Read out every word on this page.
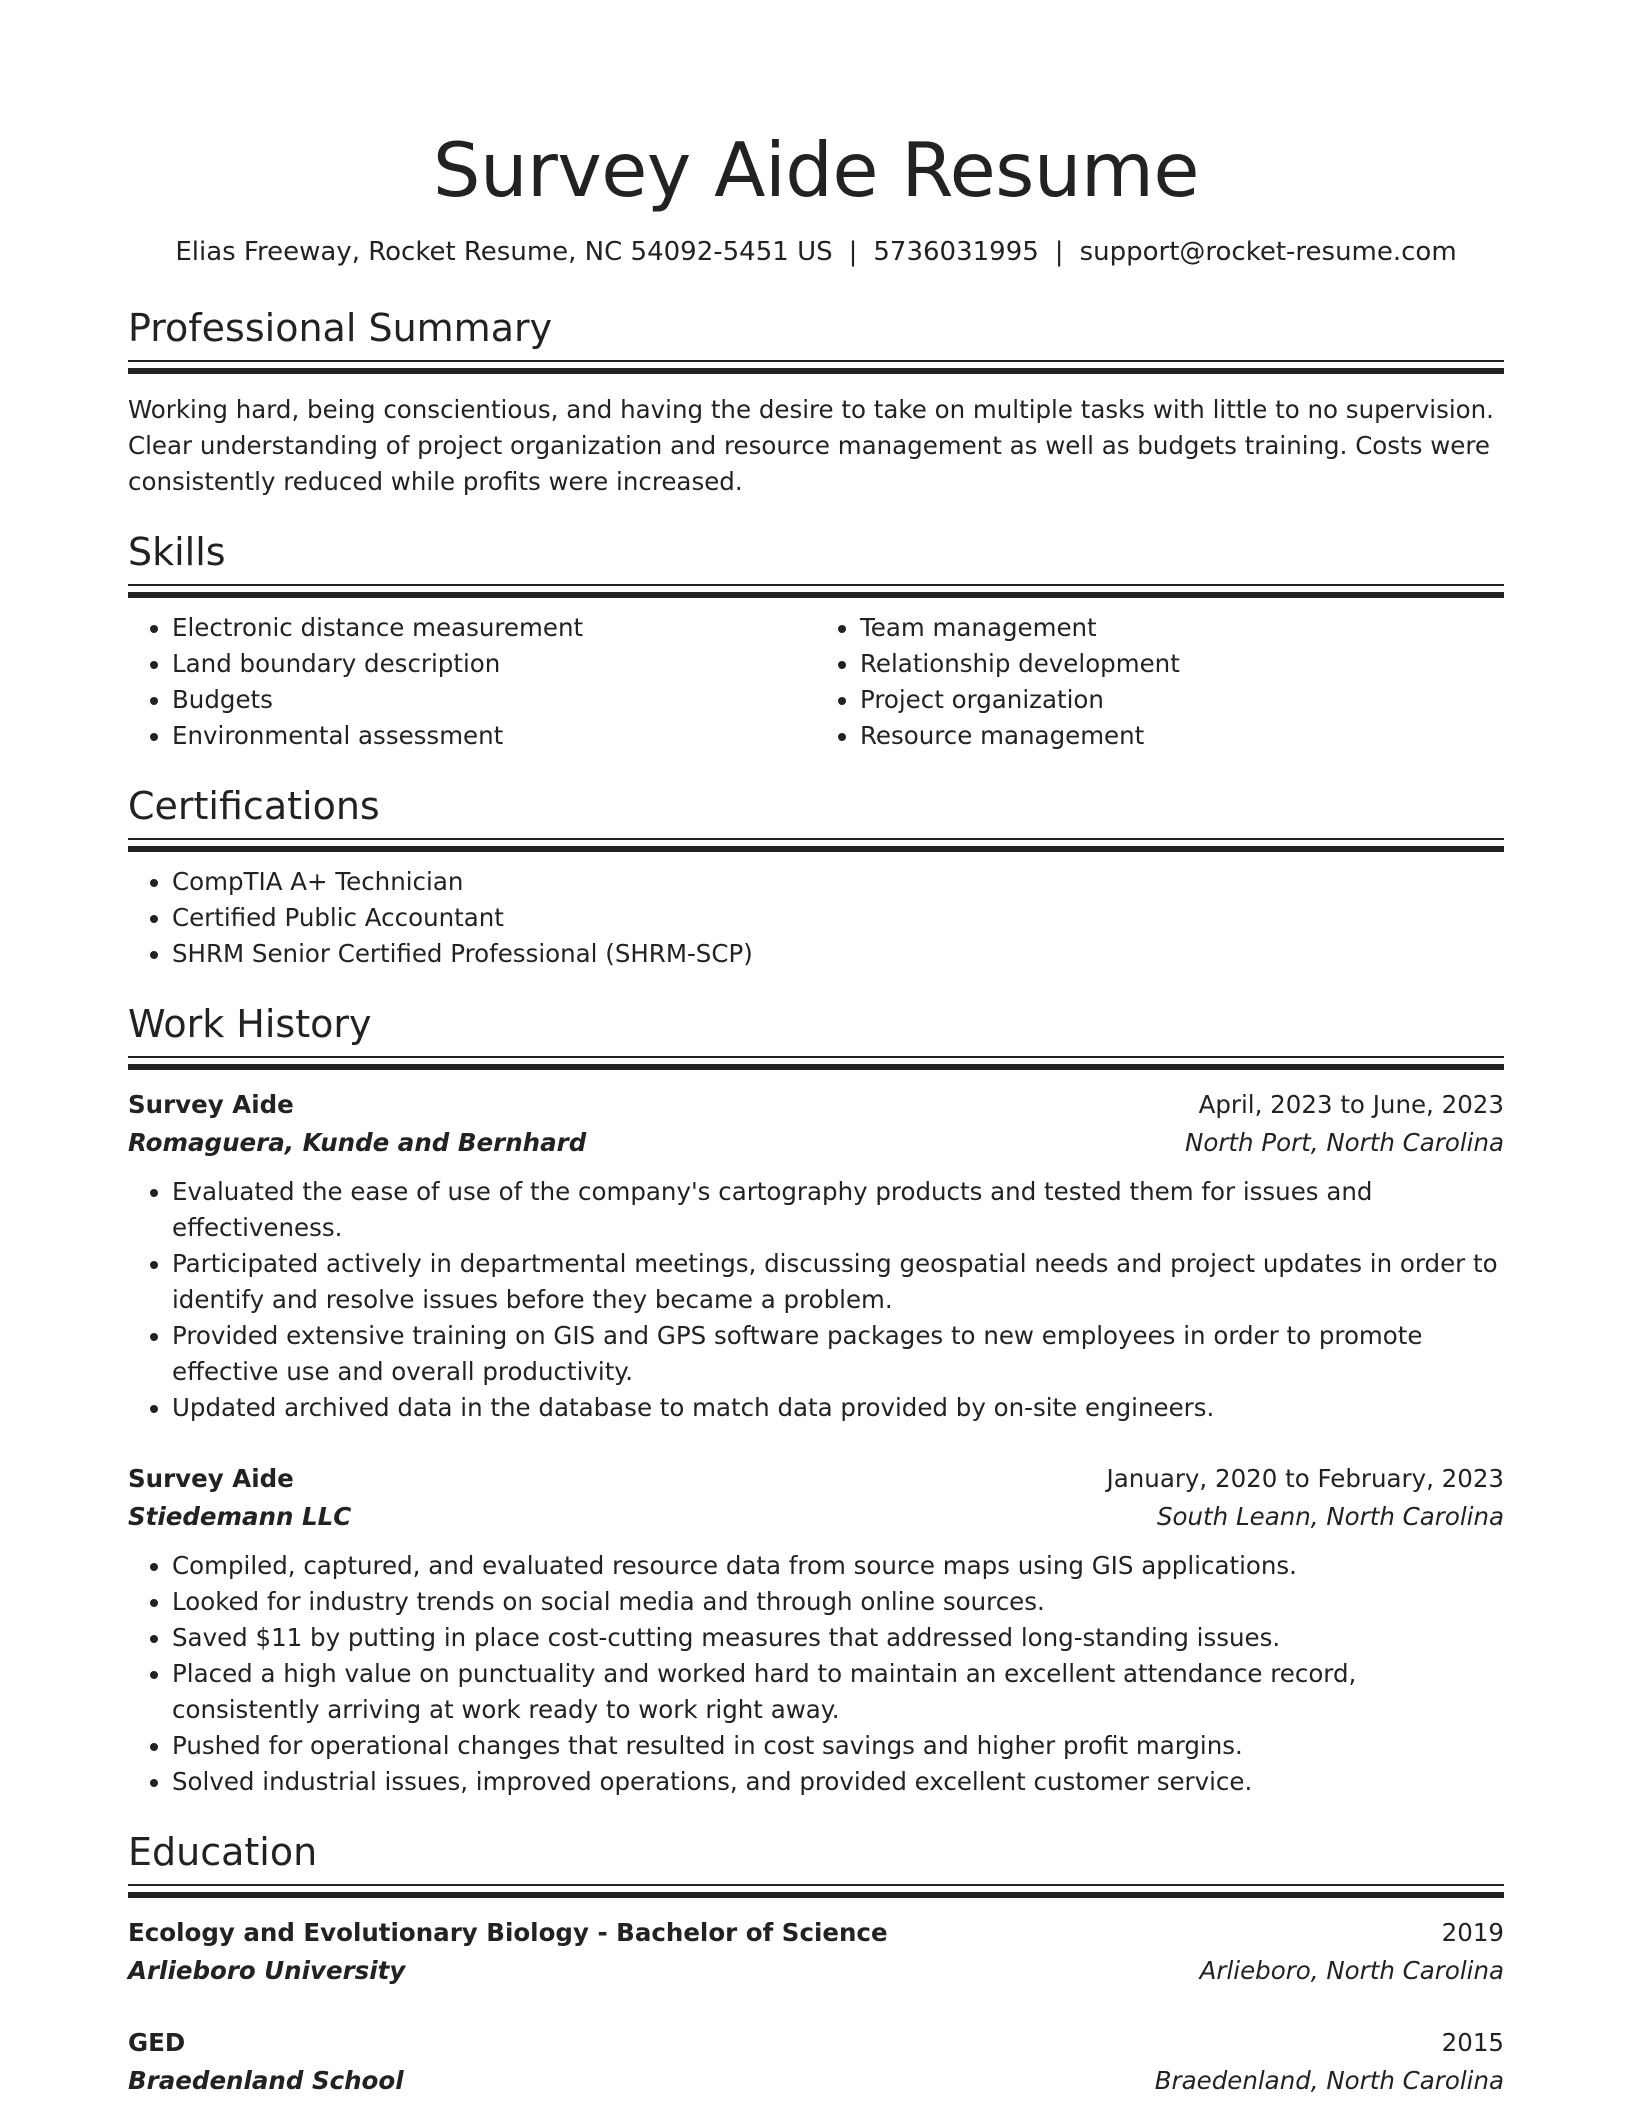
Survey Aide Resume
Elias Freeway, Rocket Resume, NC 54092-5451 US | 5736031995 | support@rocket-resume.com
Professional Summary

Working hard, being conscientious, and having the desire to take on multiple tasks with little to no supervision. Clear understanding of project organization and resource management as well as budgets training. Costs were consistently reduced while profits were increased.

Skills
• Electronic distance measurement
• Land boundary description
• Budgets
• Environmental assessment
• Team management
• Relationship development
• Project organization
• Resource management
Certifications
• CompTIA A+ Technician
• Certified Public Accountant
• SHRM Senior Certified Professional (SHRM-SCP)
Work History
Survey Aide	April, 2023 to June, 2023
Romaguera, Kunde and Bernhard	North Port, North Carolina
• Evaluated the ease of use of the company's cartography products and tested them for issues and effectiveness.
• Participated actively in departmental meetings, discussing geospatial needs and project updates in order to identify and resolve issues before they became a problem.
• Provided extensive training on GIS and GPS software packages to new employees in order to promote effective use and overall productivity.
• Updated archived data in the database to match data provided by on-site engineers.
Survey Aide	January, 2020 to February, 2023
Stiedemann LLC	South Leann, North Carolina
• Compiled, captured, and evaluated resource data from source maps using GIS applications.
• Looked for industry trends on social media and through online sources.
• Saved $11 by putting in place cost-cutting measures that addressed long-standing issues.
• Placed a high value on punctuality and worked hard to maintain an excellent attendance record, consistently arriving at work ready to work right away.
• Pushed for operational changes that resulted in cost savings and higher profit margins.
• Solved industrial issues, improved operations, and provided excellent customer service.
Education
Ecology and Evolutionary Biology - Bachelor of Science	2019
Arlieboro University	Arlieboro, North Carolina
GED	2015
Braedenland School	Braedenland, North Carolina
